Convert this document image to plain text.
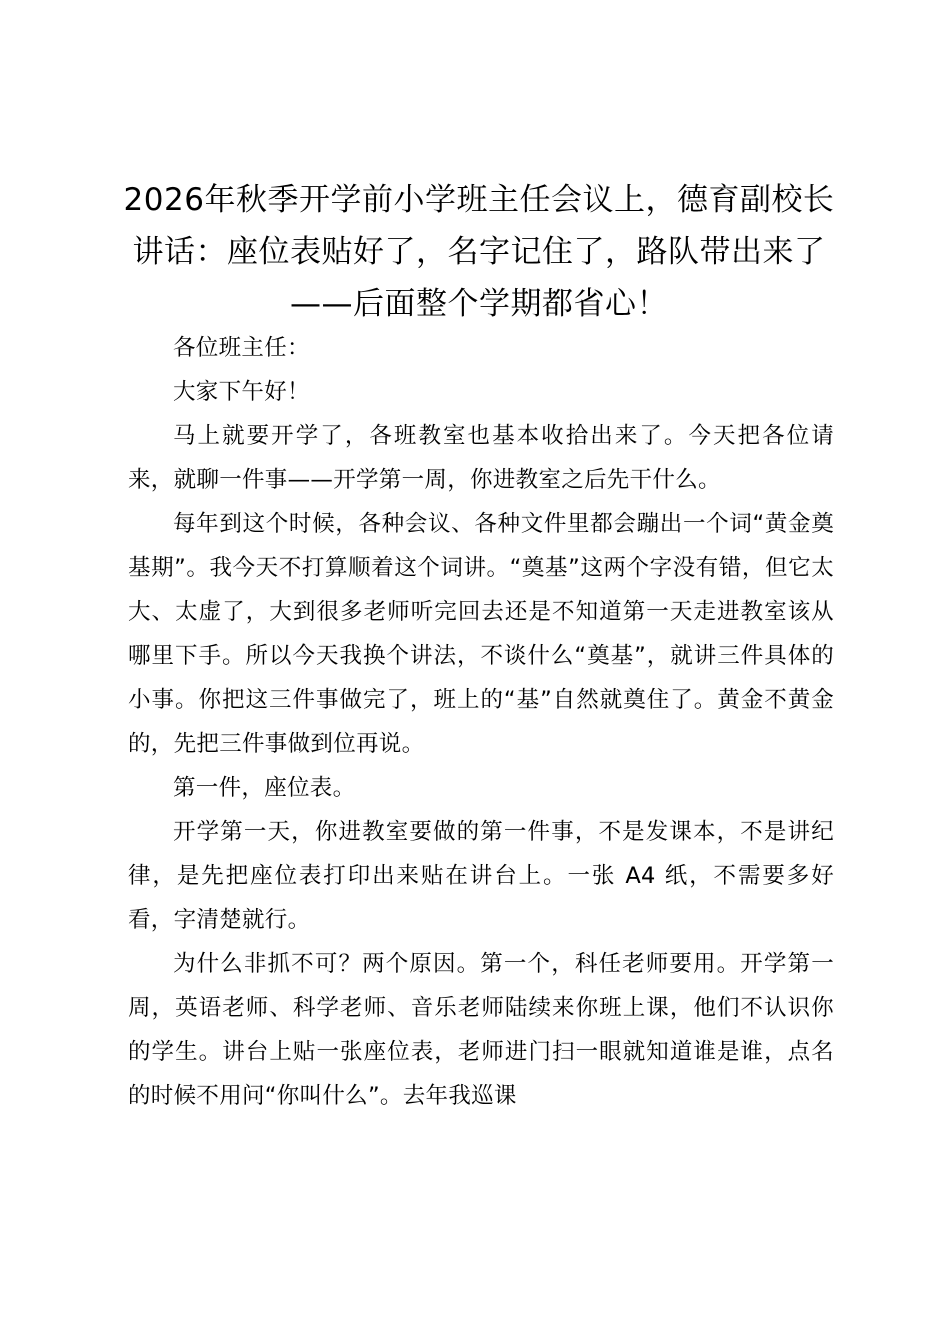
2026年秋季开学前小学班主任会议上，德育副校长讲话：座位表贴好了，名字记住了，路队带出来了——后面整个学期都省心！

各位班主任：

大家下午好！

马上就要开学了，各班教室也基本收拾出来了。今天把各位请来，就聊一件事——开学第一周，你进教室之后先干什么。

每年到这个时候，各种会议、各种文件里都会蹦出一个词“黄金奠基期”。我今天不打算顺着这个词讲。“奠基”这两个字没有错，但它太大、太虚了，大到很多老师听完回去还是不知道第一天走进教室该从哪里下手。所以今天我换个讲法，不谈什么“奠基”，就讲三件具体的小事。你把这三件事做完了，班上的“基”自然就奠住了。黄金不黄金的，先把三件事做到位再说。

第一件，座位表。

开学第一天，你进教室要做的第一件事，不是发课本，不是讲纪律，是先把座位表打印出来贴在讲台上。一张 A4 纸，不需要多好看，字清楚就行。

为什么非抓不可？两个原因。第一个，科任老师要用。开学第一周，英语老师、科学老师、音乐老师陆续来你班上课，他们不认识你的学生。讲台上贴一张座位表，老师进门扫一眼就知道谁是谁，点名的时候不用问“你叫什么”。去年我巡课
